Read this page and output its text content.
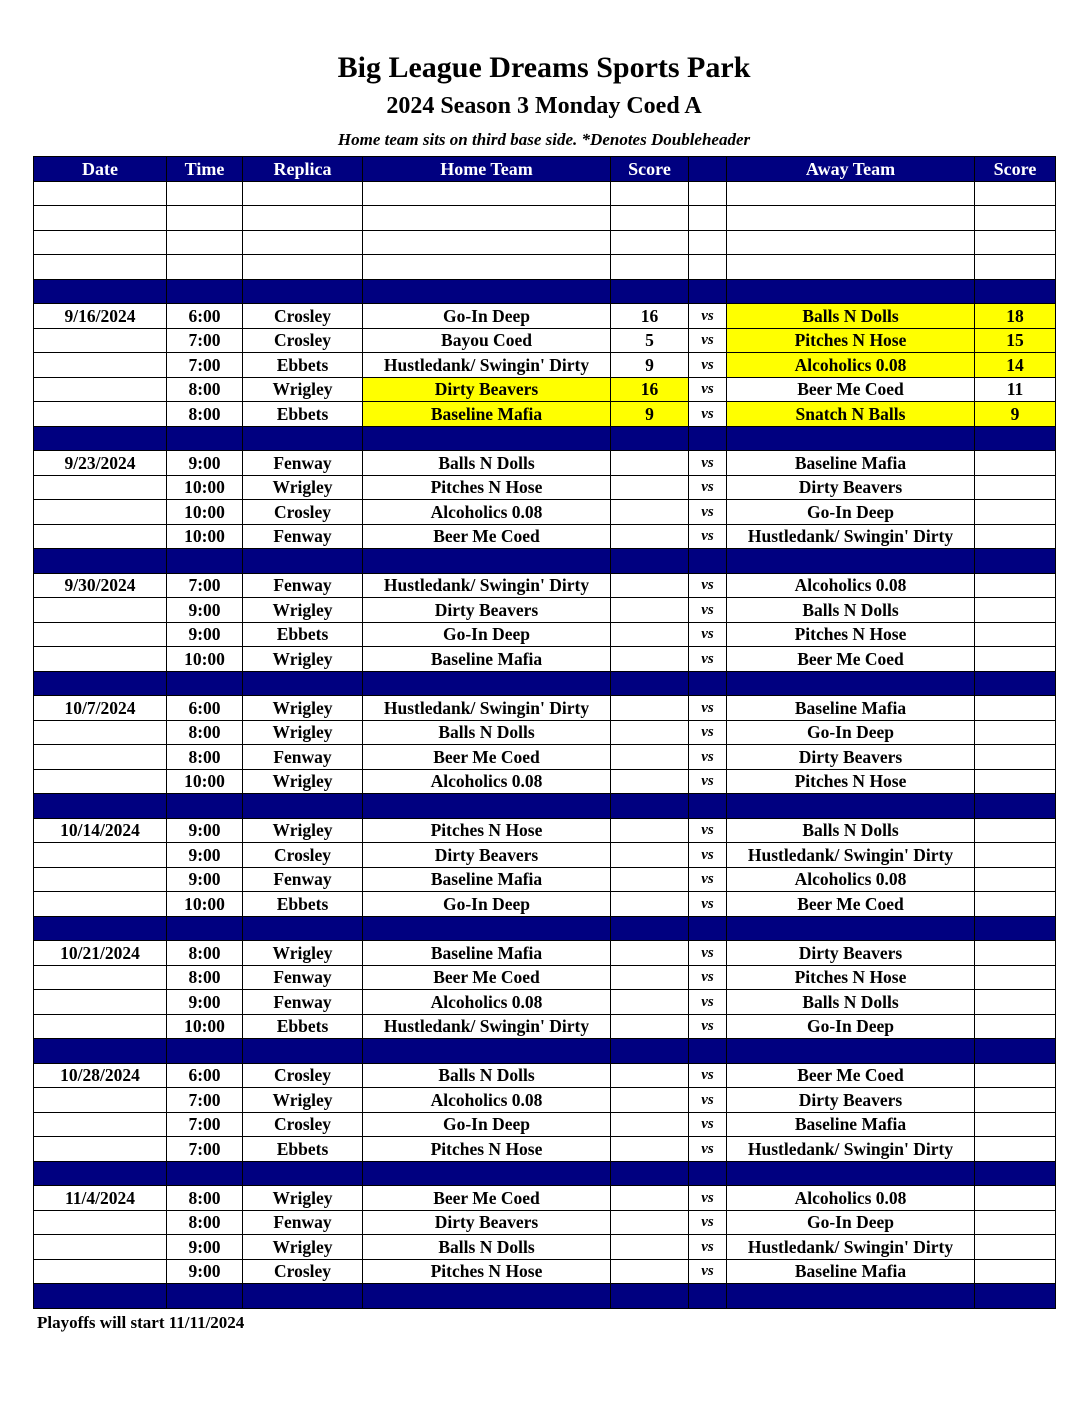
Big League Dreams Sports Park
2024 Season 3 Monday Coed A
Home team sits on third base side. *Denotes Doubleheader
Date	Time	Replica	Home Team	Score		Away Team	Score

9/16/2024	6:00	Crosley	Go-In Deep	16	vs	Balls N Dolls	18
	7:00	Crosley	Bayou Coed	5	vs	Pitches N Hose	15
	7:00	Ebbets	Hustledank/ Swingin' Dirty	9	vs	Alcoholics 0.08	14
	8:00	Wrigley	Dirty Beavers	16	vs	Beer Me Coed	11
	8:00	Ebbets	Baseline Mafia	9	vs	Snatch N Balls	9

9/23/2024	9:00	Fenway	Balls N Dolls		vs	Baseline Mafia	
	10:00	Wrigley	Pitches N Hose		vs	Dirty Beavers	
	10:00	Crosley	Alcoholics 0.08		vs	Go-In Deep	
	10:00	Fenway	Beer Me Coed		vs	Hustledank/ Swingin' Dirty	

9/30/2024	7:00	Fenway	Hustledank/ Swingin' Dirty		vs	Alcoholics 0.08	
	9:00	Wrigley	Dirty Beavers		vs	Balls N Dolls	
	9:00	Ebbets	Go-In Deep		vs	Pitches N Hose	
	10:00	Wrigley	Baseline Mafia		vs	Beer Me Coed	

10/7/2024	6:00	Wrigley	Hustledank/ Swingin' Dirty		vs	Baseline Mafia	
	8:00	Wrigley	Balls N Dolls		vs	Go-In Deep	
	8:00	Fenway	Beer Me Coed		vs	Dirty Beavers	
	10:00	Wrigley	Alcoholics 0.08		vs	Pitches N Hose	

10/14/2024	9:00	Wrigley	Pitches N Hose		vs	Balls N Dolls	
	9:00	Crosley	Dirty Beavers		vs	Hustledank/ Swingin' Dirty	
	9:00	Fenway	Baseline Mafia		vs	Alcoholics 0.08	
	10:00	Ebbets	Go-In Deep		vs	Beer Me Coed	

10/21/2024	8:00	Wrigley	Baseline Mafia		vs	Dirty Beavers	
	8:00	Fenway	Beer Me Coed		vs	Pitches N Hose	
	9:00	Fenway	Alcoholics 0.08		vs	Balls N Dolls	
	10:00	Ebbets	Hustledank/ Swingin' Dirty		vs	Go-In Deep	

10/28/2024	6:00	Crosley	Balls N Dolls		vs	Beer Me Coed	
	7:00	Wrigley	Alcoholics 0.08		vs	Dirty Beavers	
	7:00	Crosley	Go-In Deep		vs	Baseline Mafia	
	7:00	Ebbets	Pitches N Hose		vs	Hustledank/ Swingin' Dirty	

11/4/2024	8:00	Wrigley	Beer Me Coed		vs	Alcoholics 0.08	
	8:00	Fenway	Dirty Beavers		vs	Go-In Deep	
	9:00	Wrigley	Balls N Dolls		vs	Hustledank/ Swingin' Dirty	
	9:00	Crosley	Pitches N Hose		vs	Baseline Mafia	

Playoffs will start 11/11/2024
